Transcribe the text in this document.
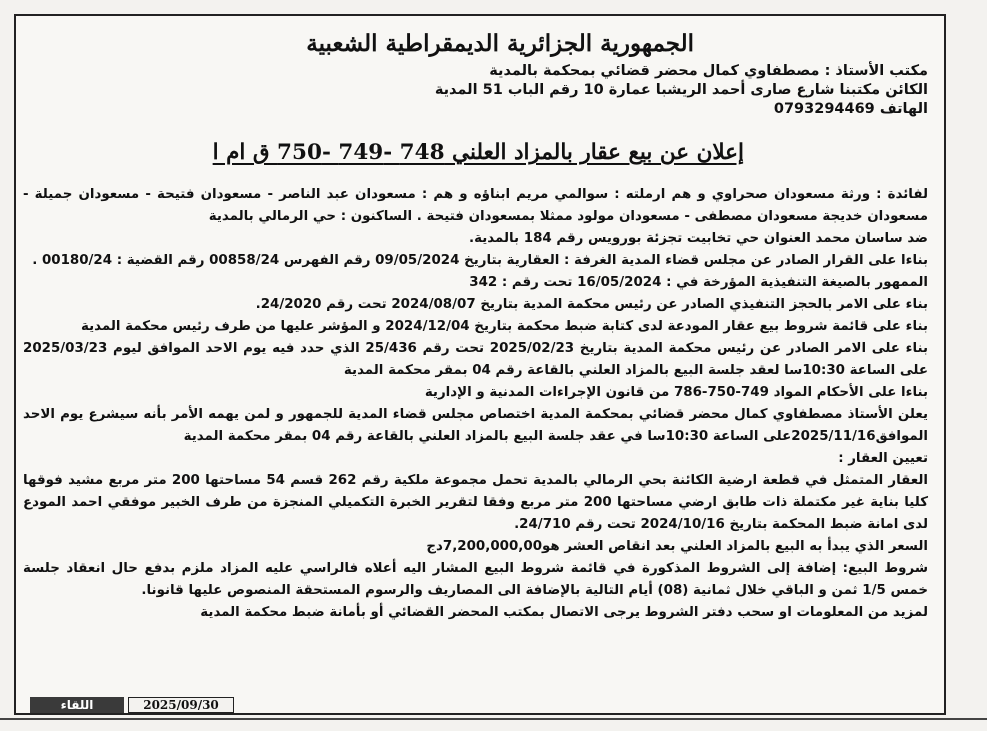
الجمهورية الجزائرية الديمقراطية الشعبية
مكتب الأستاذ : مصطفاوي كمال محضر قضائي بمحكمة بالمدية
الكائن مكتبنا شارع صارى أحمد الريشبا عمارة 10 رقم الباب 51 المدية
الهاتف 0793294469
إعلان عن بيع عقار بالمزاد العلني 748 -749 -750 ق ام ا

لفائدة : ورثة مسعودان صحراوي و هم ارملته : سوالمي مريم ابناؤه و هم : مسعودان عبد الناصر - مسعودان فتيحة - مسعودان جميلة - مسعودان خديجة مسعودان مصطفى - مسعودان مولود ممثلا بمسعودان فتيحة . الساكنون : حي الرمالي بالمدية

ضد ساسان محمد العنوان حي تخابيت تجزئة بورويس رقم 184 بالمدية.

بناءا على القرار الصادر عن مجلس قضاء المدية الغرفة : العقارية بتاريخ 09/05/2024 رقم الفهرس 00858/24 رقم القضية : 00180/24 .

الممهور بالصيغة التنفيذية المؤرخة في : 16/05/2024 تحت رقم : 342

بناء على الامر بالحجز التنفيذي الصادر عن رئيس محكمة المدية بتاريخ 2024/08/07 تحت رقم 24/2020.

بناء على قائمة شروط بيع عقار المودعة لدى كتابة ضبط محكمة بتاريخ 2024/12/04 و المؤشر عليها من طرف رئيس محكمة المدية

بناء على الامر الصادر عن رئيس محكمة المدية بتاريخ 2025/02/23 تحت رقم 25/436 الذي حدد فيه يوم الاحد الموافق ليوم 2025/03/23 على الساعة 10:30سا لعقد جلسة البيع بالمزاد العلني بالقاعة رقم 04 بمقر محكمة المدية

بناءا على الأحكام المواد 749-750-786 من قانون الإجراءات المدنية و الإدارية

يعلن الأستاذ مصطفاوي كمال محضر قضائي بمحكمة المدية اختصاص مجلس قضاء المدية للجمهور و لمن يهمه الأمر بأنه سيشرع يوم الاحد الموافق2025/11/16على الساعة 10:30سا في عقد جلسة البيع بالمزاد العلني بالقاعة رقم 04 بمقر محكمة المدية

تعيين العقار :

العقار المتمثل في قطعة ارضية الكائنة بحي الرمالي بالمدية تحمل مجموعة ملكية رقم 262 قسم 54 مساحتها 200 متر مربع مشيد فوقها كليا بناية غير مكتملة ذات طابق ارضي مساحتها 200 متر مربع وفقا لتقرير الخبرة التكميلي المنجزة من طرف الخبير موفقي احمد المودع لدى امانة ضبط المحكمة بتاريخ 2024/10/16 تحت رقم 24/710.

السعر الذي يبدأ به البيع بالمزاد العلني بعد انقاص العشر هو7,200,000,00دج

شروط البيع: إضافة إلى الشروط المذكورة في قائمة شروط البيع المشار اليه أعلاه فالراسي عليه المزاد ملزم بدفع حال انعقاد جلسة خمس 1/5 ثمن و الباقي خلال ثمانية (08) أيام التالية بالإضافة الى المصاريف والرسوم المستحقة المنصوص عليها قانونا.

لمزيد من المعلومات او سحب دفتر الشروط يرجى الاتصال بمكتب المحضر القضائي أو بأمانة ضبط محكمة المدية

اللقاء	2025/09/30
